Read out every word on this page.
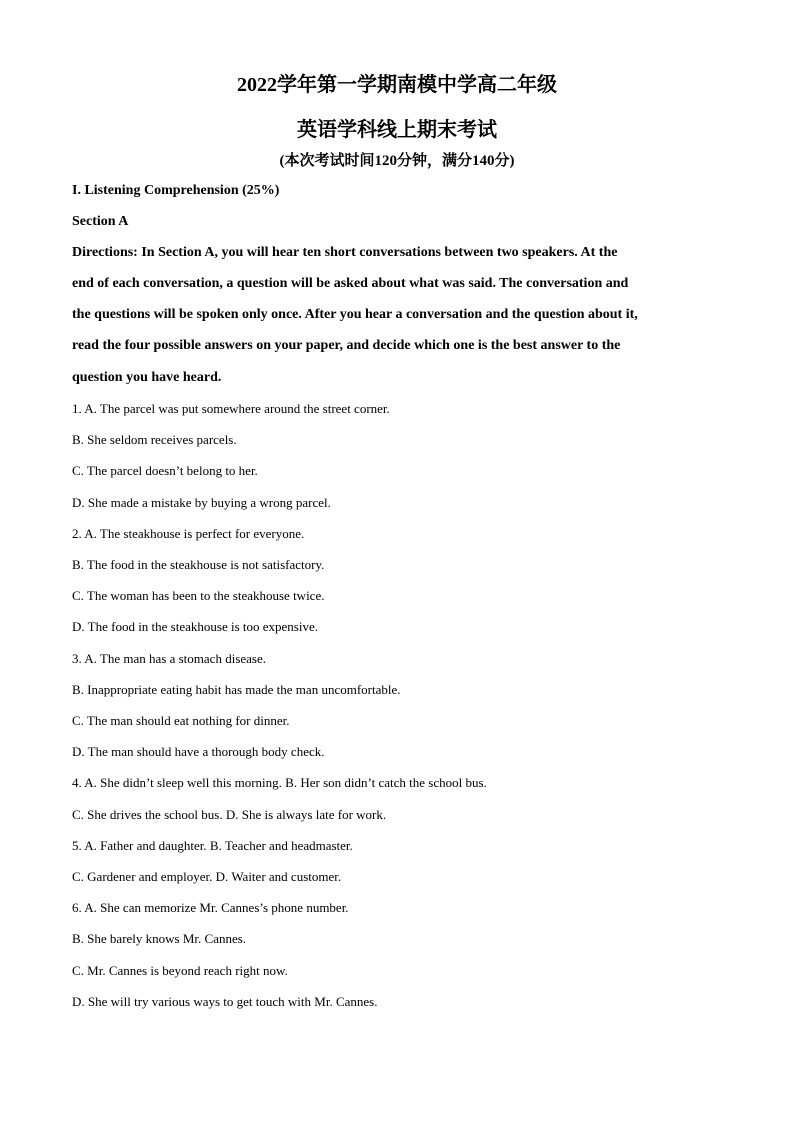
2022学年第一学期南模中学高二年级

英语学科线上期末考试

(本次考试时间120分钟，满分140分)

I. Listening Comprehension (25%)

Section A

Directions: In Section A, you will hear ten short conversations between two speakers. At the

end of each conversation, a question will be asked about what was said. The conversation and

the questions will be spoken only once. After you hear a conversation and the question about it,

read the four possible answers on your paper, and decide which one is the best answer to the

question you have heard.

1. A. The parcel was put somewhere around the street corner.

B. She seldom receives parcels.

C. The parcel doesn’t belong to her.

D. She made a mistake by buying a wrong parcel.

2. A. The steakhouse is perfect for everyone.

B. The food in the steakhouse is not satisfactory.

C. The woman has been to the steakhouse twice.

D. The food in the steakhouse is too expensive.

3. A. The man has a stomach disease.

B. Inappropriate eating habit has made the man uncomfortable.

C. The man should eat nothing for dinner.

D. The man should have a thorough body check.

4. A. She didn’t sleep well this morning. B. Her son didn’t catch the school bus.

C. She drives the school bus. D. She is always late for work.

5. A. Father and daughter. B. Teacher and headmaster.

C. Gardener and employer. D. Waiter and customer.

6. A. She can memorize Mr. Cannes’s phone number.

B. She barely knows Mr. Cannes.

C. Mr. Cannes is beyond reach right now.

D. She will try various ways to get touch with Mr. Cannes.
